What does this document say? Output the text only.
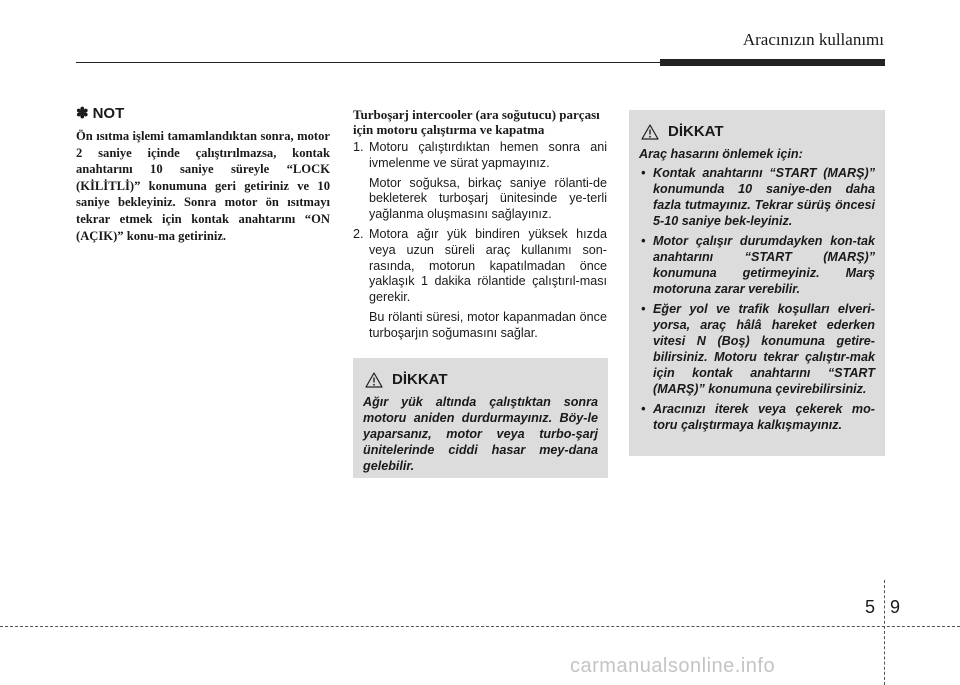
Aracınızın kullanımı
✽ NOT

Ön ısıtma işlemi tamamlandıktan sonra, motor 2 saniye içinde çalıştırılmazsa, kontak anahtarını 10 saniye süreyle “LOCK (KİLİTLİ)” konumuna geri getiriniz ve 10 saniye bekleyiniz. Sonra motor ön ısıtmayı tekrar etmek için kontak anahtarını “ON (AÇIK)” konu-ma getiriniz.

Turboşarj intercooler (ara soğutucu) parçası için motoru çalıştırma ve kapatma
1. Motoru çalıştırdıktan hemen sonra ani ivmelenme ve sürat yapmayınız.

Motor soğuksa, birkaç saniye rölanti-de bekleterek turboşarj ünitesinde ye-terli yağlanma oluşmasını sağlayınız.

2. Motora ağır yük bindiren yüksek hızda veya uzun süreli araç kullanımı son-rasında, motorun kapatılmadan önce yaklaşık 1 dakika rölantide çalıştırıl-ması gerekir.

Bu rölanti süresi, motor kapanmadan önce turboşarjın soğumasını sağlar.

DİKKAT

Ağır yük altında çalıştıktan sonra motoru aniden durdurmayınız. Böy-le yaparsanız, motor veya turbo-şarj ünitelerinde ciddi hasar mey-dana gelebilir.

DİKKAT

Araç hasarını önlemek için:

• Kontak anahtarını “START (MARŞ)” konumunda 10 saniye-den daha fazla tutmayınız. Tekrar sürüş öncesi 5-10 saniye bek-leyiniz.
• Motor çalışır durumdayken kon-tak anahtarını “START (MARŞ)” konumuna getirmeyiniz. Marş motoruna zarar verebilir.
• Eğer yol ve trafik koşulları elveri-yorsa, araç hâlâ hareket ederken vitesi N (Boş) konumuna getire-bilirsiniz. Motoru tekrar çalıştır-mak için kontak anahtarını “START (MARŞ)” konumuna çevirebilirsiniz.
• Aracınızı iterek veya çekerek mo-toru çalıştırmaya kalkışmayınız.
5 9
carmanualsonline.info
